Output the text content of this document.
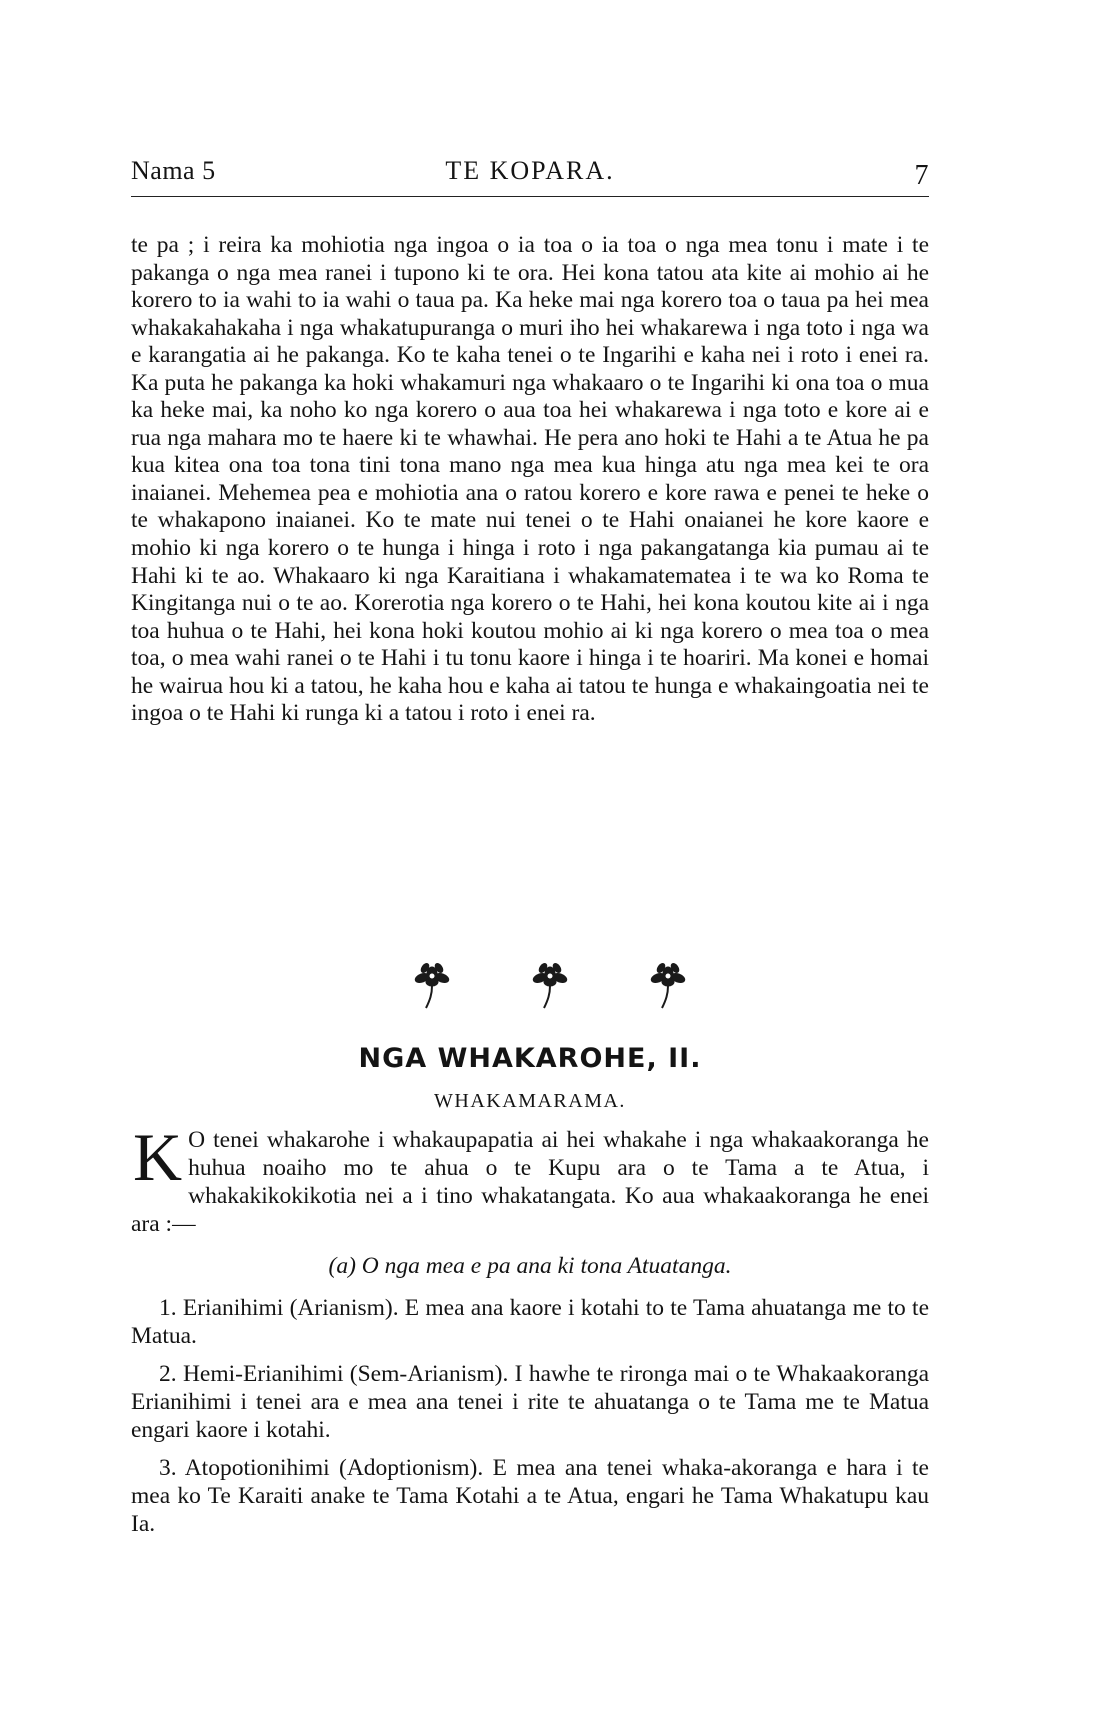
Nama 5	TE KOPARA.	7

te pa ; i reira ka mohiotia nga ingoa o ia toa o ia toa o nga mea tonu i mate i te pakanga o nga mea ranei i tupono ki te ora. Hei kona tatou ata kite ai mohio ai he korero to ia wahi to ia wahi o taua pa. Ka heke mai nga korero toa o taua pa hei mea whakakahakaha i nga whakatupuranga o muri iho hei whakarewa i nga toto i nga wa e karangatia ai he pakanga. Ko te kaha tenei o te Ingarihi e kaha nei i roto i enei ra. Ka puta he pakanga ka hoki whakamuri nga whakaaro o te Ingarihi ki ona toa o mua ka heke mai, ka noho ko nga korero o aua toa hei whakarewa i nga toto e kore ai e rua nga mahara mo te haere ki te whawhai. He pera ano hoki te Hahi a te Atua he pa kua kitea ona toa tona tini tona mano nga mea kua hinga atu nga mea kei te ora inaianei. Mehemea pea e mohiotia ana o ratou korero e kore rawa e penei te heke o te whakapono inaianei. Ko te mate nui tenei o te Hahi onaianei he kore kaore e mohio ki nga korero o te hunga i hinga i roto i nga pakangatanga kia pumau ai te Hahi ki te ao. Whakaaro ki nga Karaitiana i whakamatematea i te wa ko Roma te Kingitanga nui o te ao. Korerotia nga korero o te Hahi, hei kona koutou kite ai i nga toa huhua o te Hahi, hei kona hoki koutou mohio ai ki nga korero o mea toa o mea toa, o mea wahi ranei o te Hahi i tu tonu kaore i hinga i te hoariri. Ma konei e homai he wairua hou ki a tatou, he kaha hou e kaha ai tatou te hunga e whakaingoatia nei te ingoa o te Hahi ki runga ki a tatou i roto i enei ra.

NGA WHAKAROHE, II.
WHAKAMARAMA.

K O tenei whakarohe i whakaupapatia ai hei whakahe i nga whakaakoranga he huhua noaiho mo te ahua o te Kupu ara o te Tama a te Atua, i whakakikokikotia nei a i tino whakatangata. Ko aua whakaakoranga he enei ara :—

(a) O nga mea e pa ana ki tona Atuatanga.

1. Erianihimi (Arianism). E mea ana kaore i kotahi to te Tama ahuatanga me to te Matua.

2. Hemi-Erianihimi (Sem-Arianism). I hawhe te rironga mai o te Whakaakoranga Erianihimi i tenei ara e mea ana tenei i rite te ahuatanga o te Tama me te Matua engari kaore i kotahi.

3. Atopotionihimi (Adoptionism). E mea ana tenei whaka-akoranga e hara i te mea ko Te Karaiti anake te Tama Kotahi a te Atua, engari he Tama Whakatupu kau Ia.
